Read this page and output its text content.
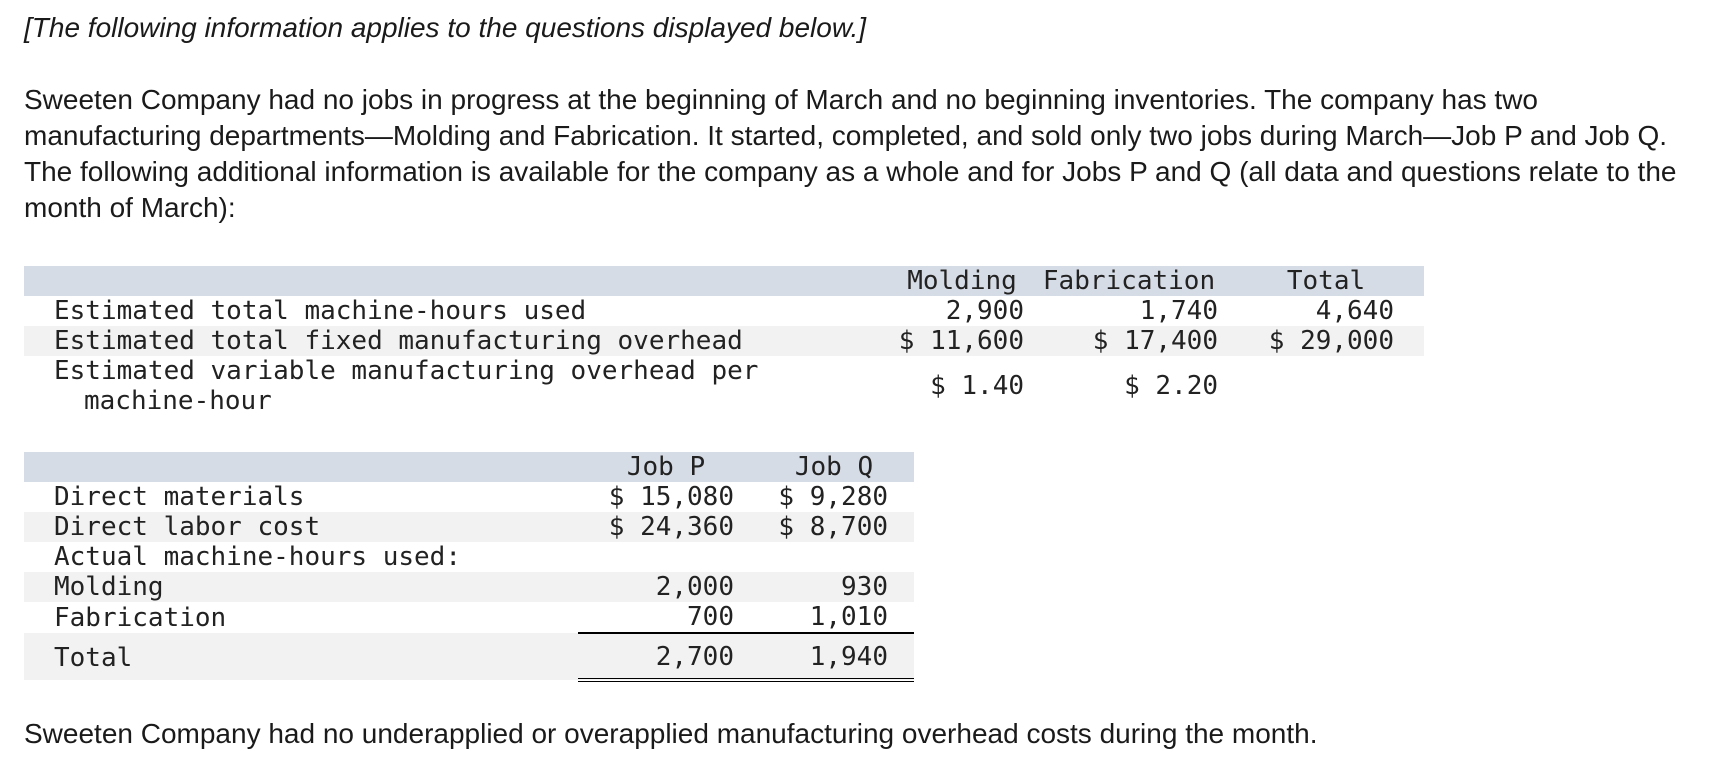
[The following information applies to the questions displayed below.]

Sweeten Company had no jobs in progress at the beginning of March and no beginning inventories. The company has two manufacturing departments—Molding and Fabrication. It started, completed, and sold only two jobs during March—Job P and Job Q. The following additional information is available for the company as a whole and for Jobs P and Q (all data and questions relate to the month of March):

	Molding	Fabrication	Total
Estimated total machine-hours used	2,900	1,740	4,640
Estimated total fixed manufacturing overhead	$ 11,600	$ 17,400	$ 29,000

Estimated variable manufacturing overhead per
machine-hour	$ 1.40	$ 2.20	
	Job P	Job Q
Direct materials	$ 15,080	$ 9,280
Direct labor cost	$ 24,360	$ 8,700
Actual machine-hours used:		
Molding	2,000	930
Fabrication	700	1,010
Total	2,700	1,940

Sweeten Company had no underapplied or overapplied manufacturing overhead costs during the month.
